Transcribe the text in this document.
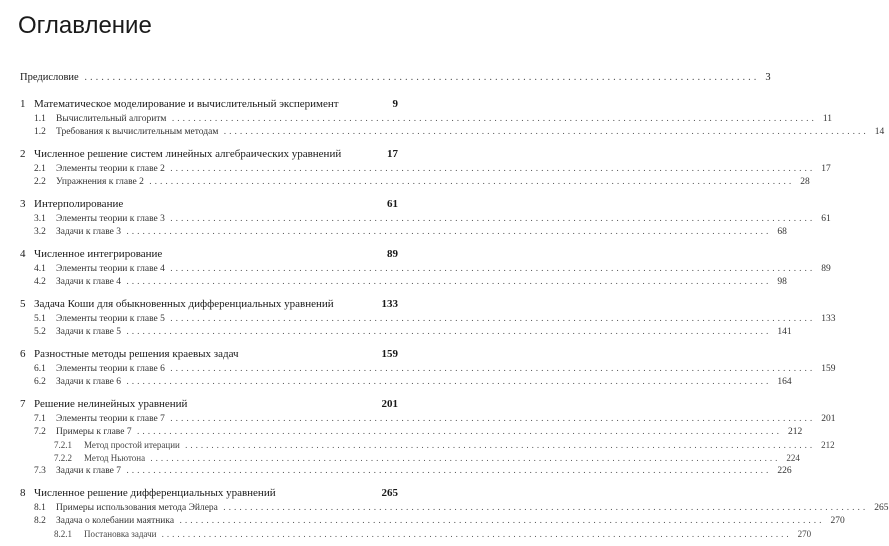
Оглавление
Предисловие ........................................................................................................................ 3
1 Математическое моделирование и вычислительный эксперимент	9
1.1	Вычислительный алгоритм ........................................................................................................................ 11
1.2	Требования к вычислительным методам ........................................................................................................................ 14
2 Численное решение систем линейных алгебраических уравнений	17
2.1	Элементы теории к главе 2 ........................................................................................................................ 17
2.2	Упражнения к главе 2 ........................................................................................................................ 28
3 Интерполирование	61
3.1	Элементы теории к главе 3 ........................................................................................................................ 61
3.2	Задачи к главе 3 ........................................................................................................................ 68
4 Численное интегрирование	89
4.1	Элементы теории к главе 4 ........................................................................................................................ 89
4.2	Задачи к главе 4 ........................................................................................................................ 98
5 Задача Коши для обыкновенных дифференциальных уравнений	133
5.1	Элементы теории к главе 5 ........................................................................................................................ 133
5.2	Задачи к главе 5 ........................................................................................................................ 141
6 Разностные методы решения краевых задач	159
6.1	Элементы теории к главе 6 ........................................................................................................................ 159
6.2	Задачи к главе 6 ........................................................................................................................ 164
7 Решение нелинейных уравнений	201
7.1	Элементы теории к главе 7 ........................................................................................................................ 201
7.2	Примеры к главе 7 ........................................................................................................................ 212
7.2.1	Метод простой итерации ........................................................................................................................ 212
7.2.2	Метод Ньютона ........................................................................................................................ 224
7.3	Задачи к главе 7 ........................................................................................................................ 226
8 Численное решение дифференциальных уравнений	265
8.1	Примеры использования метода Эйлера ........................................................................................................................ 265
8.2	Задача о колебании маятника ........................................................................................................................ 270
8.2.1	Постановка задачи ........................................................................................................................ 270
